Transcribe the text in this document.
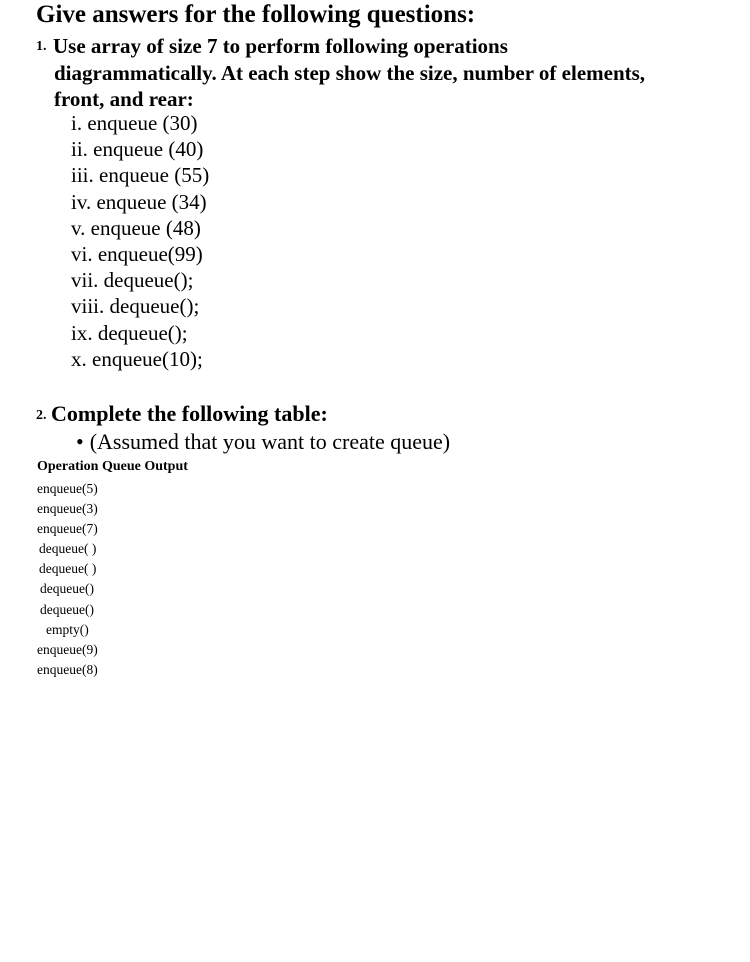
Give answers for the following questions:
1. Use array of size 7 to perform following operations
diagrammatically. At each step show the size, number of elements,
front, and rear:
i. enqueue (30)
ii. enqueue (40)
iii. enqueue (55)
iv. enqueue (34)
v. enqueue (48)
vi. enqueue(99)
vii. dequeue();
viii. dequeue();
ix. dequeue();
x. enqueue(10);
2. Complete the following table:
• (Assumed that you want to create queue)
Operation Queue Output
enqueue(5)
enqueue(3)
enqueue(7)
dequeue( )
dequeue( )
dequeue()
dequeue()
empty()
enqueue(9)
enqueue(8)
